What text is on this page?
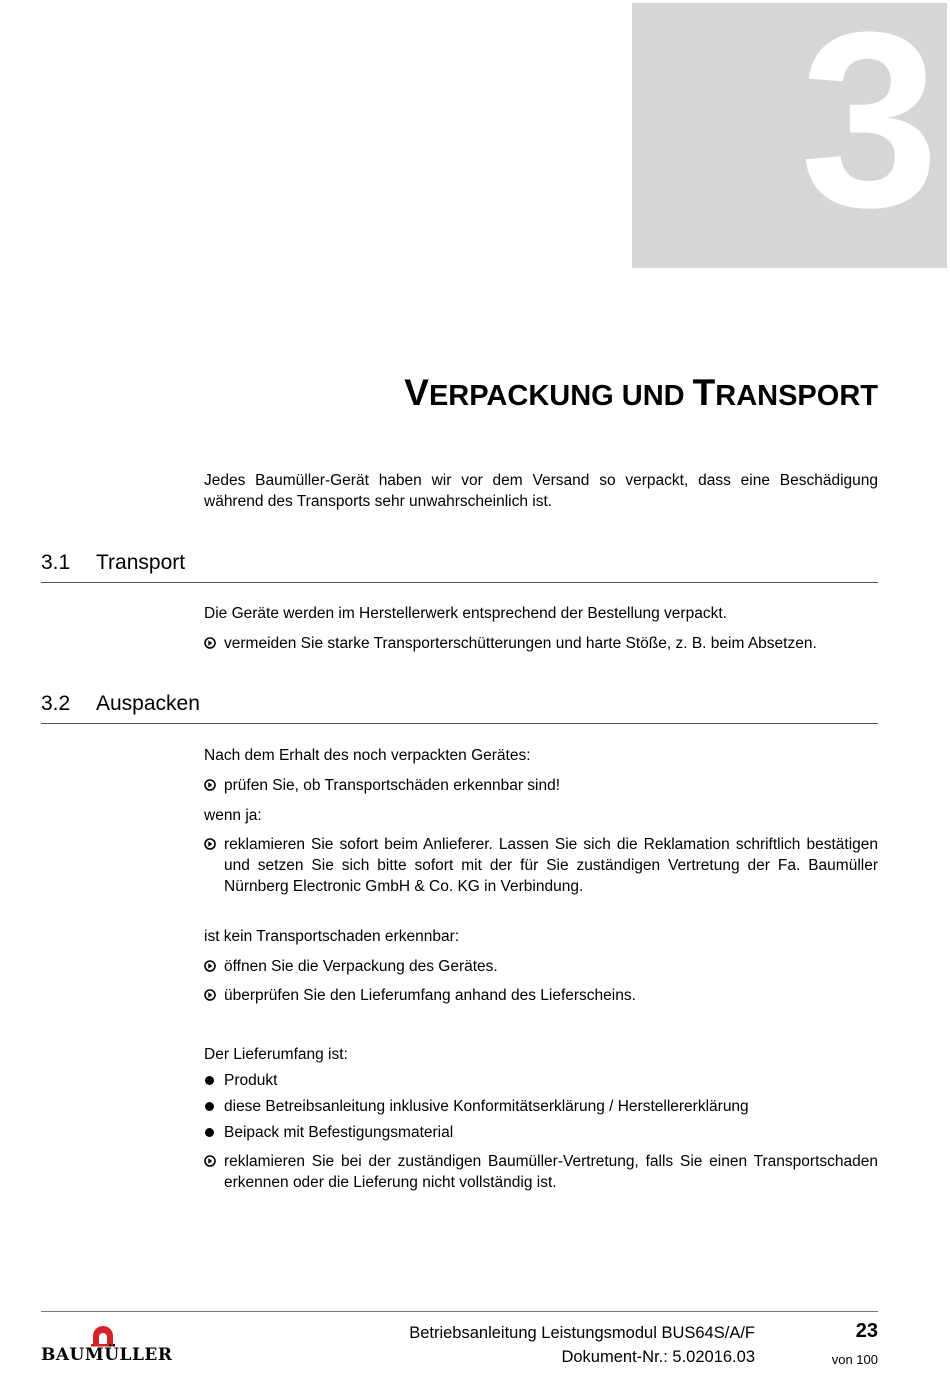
3
VERPACKUNG UND TRANSPORT
Jedes Baumüller-Gerät haben wir vor dem Versand so verpackt, dass eine Beschädigung während des Transports sehr unwahrscheinlich ist.
3.1 Transport
Die Geräte werden im Herstellerwerk entsprechend der Bestellung verpackt.
vermeiden Sie starke Transporterschütterungen und harte Stöße, z. B. beim Absetzen.
3.2 Auspacken
Nach dem Erhalt des noch verpackten Gerätes:
prüfen Sie, ob Transportschäden erkennbar sind!
wenn ja:
reklamieren Sie sofort beim Anlieferer. Lassen Sie sich die Reklamation schriftlich bestätigen und setzen Sie sich bitte sofort mit der für Sie zuständigen Vertretung der Fa. Baumüller Nürnberg Electronic GmbH & Co. KG in Verbindung.
ist kein Transportschaden erkennbar:
öffnen Sie die Verpackung des Gerätes.
überprüfen Sie den Lieferumfang anhand des Lieferscheins.
Der Lieferumfang ist:
Produkt
diese Betreibsanleitung inklusive Konformitätserklärung / Herstellererklärung
Beipack mit Befestigungsmaterial
reklamieren Sie bei der zuständigen Baumüller-Vertretung, falls Sie einen Transportschaden erkennen oder die Lieferung nicht vollständig ist.
BAUMÜLLER
Betriebsanleitung Leistungsmodul BUS64S/A/F
Dokument-Nr.: 5.02016.03
23
von 100
